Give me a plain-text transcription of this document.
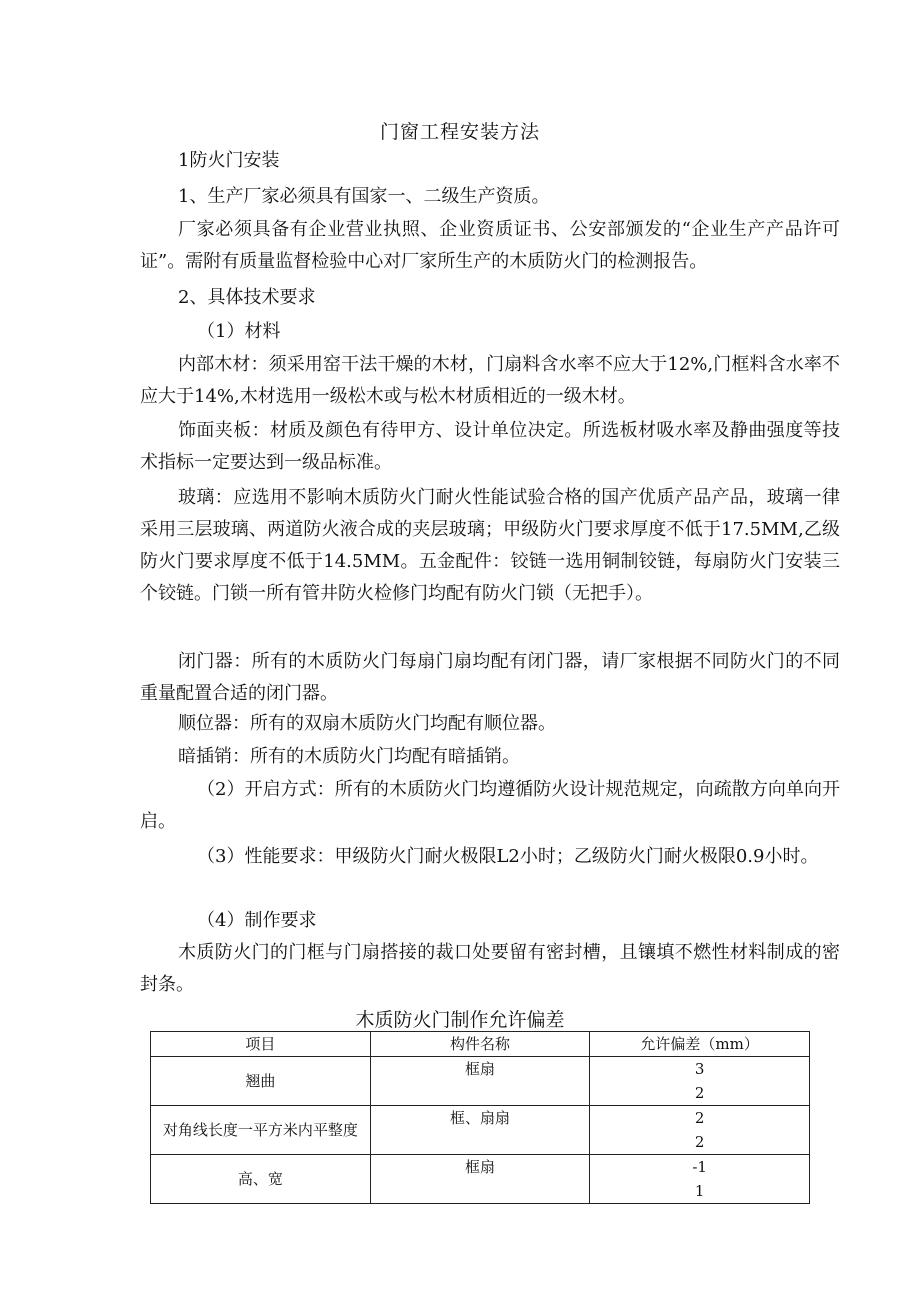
门窗工程安装方法

1防火门安装

1、生产厂家必须具有国家一、二级生产资质。

厂家必须具备有企业营业执照、企业资质证书、公安部颁发的“企业生产产品许可证”。需附有质量监督检验中心对厂家所生产的木质防火门的检测报告。

2、具体技术要求

（1）材料

内部木材：须采用窑干法干燥的木材，门扇料含水率不应大于12%,门框料含水率不应大于14%,木材选用一级松木或与松木材质相近的一级木材。

饰面夹板：材质及颜色有待甲方、设计单位决定。所选板材吸水率及静曲强度等技术指标一定要达到一级品标准。

玻璃：应选用不影响木质防火门耐火性能试验合格的国产优质产品产品，玻璃一律采用三层玻璃、两道防火液合成的夹层玻璃；甲级防火门要求厚度不低于17.5MM,乙级防火门要求厚度不低于14.5MM。五金配件：铰链一选用铜制铰链，每扇防火门安装三个铰链。门锁一所有管井防火检修门均配有防火门锁（无把手）。

闭门器：所有的木质防火门每扇门扇均配有闭门器，请厂家根据不同防火门的不同重量配置合适的闭门器。

顺位器：所有的双扇木质防火门均配有顺位器。

暗插销：所有的木质防火门均配有暗插销。

（2）开启方式：所有的木质防火门均遵循防火设计规范规定，向疏散方向单向开启。

（3）性能要求：甲级防火门耐火极限L2小时；乙级防火门耐火极限0.9小时。

（4）制作要求

木质防火门的门框与门扇搭接的裁口处要留有密封槽，且镶填不燃性材料制成的密封条。

木质防火门制作允许偏差
项目	构件名称	允许偏差（mm）
翘曲	框扇	3
2

对角线长度一平方米内平整度	框、扇扇	2
2

高、宽	框扇	-1
1
